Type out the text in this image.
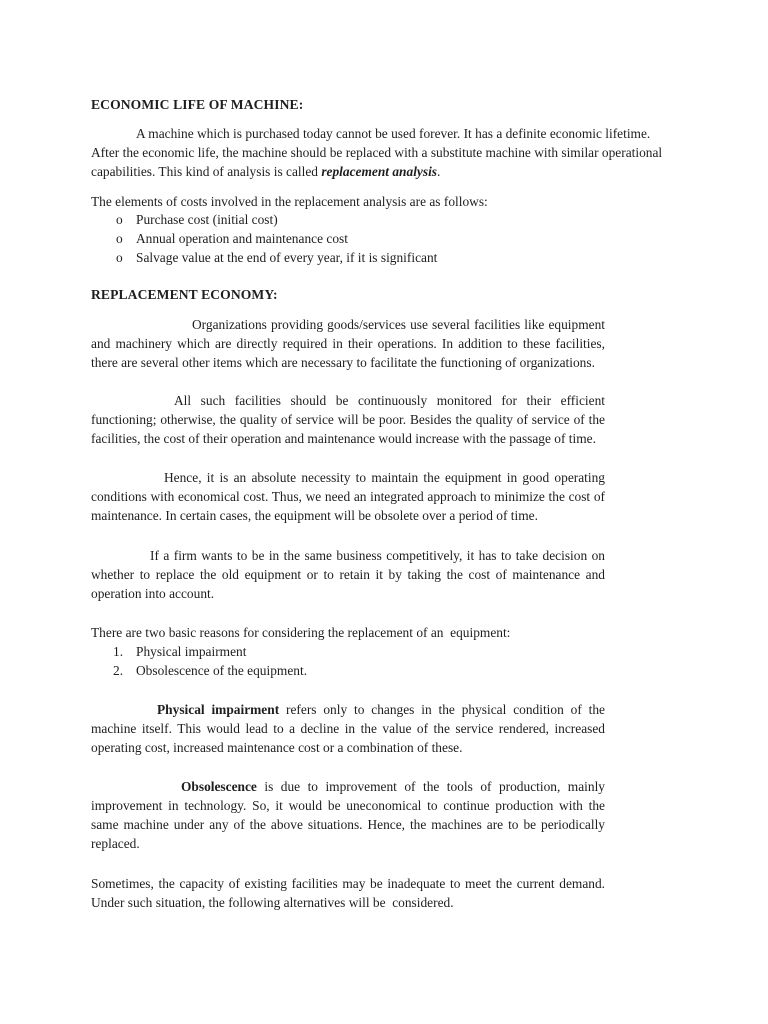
ECONOMIC LIFE OF MACHINE:

A machine which is purchased today cannot be used forever. It has a definite economic lifetime. After the economic life, the machine should be replaced with a substitute machine with similar operational capabilities. This kind of analysis is called replacement analysis.

The elements of costs involved in the replacement analysis are as follows:
o Purchase cost (initial cost)
o Annual operation and maintenance cost
o Salvage value at the end of every year, if it is significant
REPLACEMENT ECONOMY:

Organizations providing goods/services use several facilities like equipment and machinery which are directly required in their operations. In addition to these facilities, there are several other items which are necessary to facilitate the functioning of organizations.

All such facilities should be continuously monitored for their efficient functioning; otherwise, the quality of service will be poor. Besides the quality of service of the facilities, the cost of their operation and maintenance would increase with the passage of time.

Hence, it is an absolute necessity to maintain the equipment in good operating conditions with economical cost. Thus, we need an integrated approach to minimize the cost of maintenance. In certain cases, the equipment will be obsolete over a period of time.

If a firm wants to be in the same business competitively, it has to take decision on whether to replace the old equipment or to retain it by taking the cost of maintenance and operation into account.

There are two basic reasons for considering the replacement of an  equipment:
1. Physical impairment
2. Obsolescence of the equipment.

Physical impairment refers only to changes in the physical condition of the machine itself. This would lead to a decline in the value of the service rendered, increased operating cost, increased maintenance cost or a combination of these.

Obsolescence is due to improvement of the tools of production, mainly improvement in technology. So, it would be uneconomical to continue production with the same machine under any of the above situations. Hence, the machines are to be periodically replaced.

Sometimes, the capacity of existing facilities may be inadequate to meet the current demand. Under such situation, the following alternatives will be  considered.
